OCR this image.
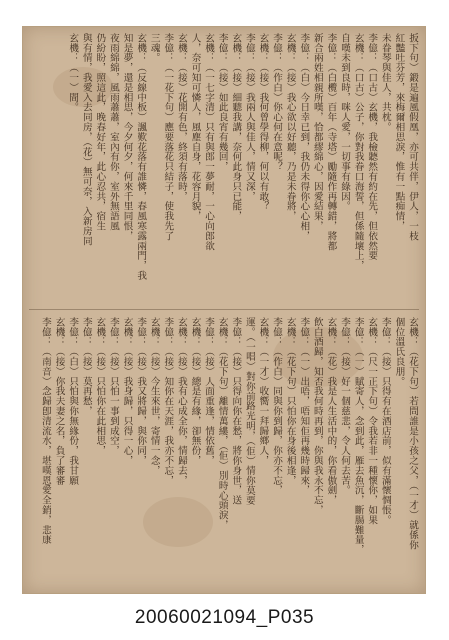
扳下句）鍛是遍風假凰，亦可共伴，伊人，一枝
紅豔吐芬芳，來梅爾相思淚，惟有一點痴情，
未眷琴與佳人，共枕。
李億：（口古）玄機，我檢聽然有約在先，但依然要
玄機：（口古）公子，你對我眷口海誓，但係隨壞上，
自嘆未到良時，咪人愛，一切事有綠因。
李億：（白欖）百年（寺塔）勵隨作再轉錯，將都
新合兩姓相親所嘆，恰都繆綿心，因愛結果，
李億：（白）今日幸已到，我仍未得你心心相，
玄機：（接）我心欲以好聽，乃是未眷將，
李億：（作白）你心何在意呢？
玄機：（接）我何曾學得柳，何以有敢？
李億：（接）我兩人與佳人，情又深，
玄機：（接）細聽我講，奈何此身只已能，
李億：（接）如此良宵有幾回，
玄機：（一七字清）只有與郎一夢耐，一心向郎欲
人，奈可知可憐人，風塵自身，花容月貌，
玄機：（接）花開有色，終須有落時，
李億：（一花下句）應要落花只結子，使我先了
三魂。
玄機：（反線中板）諷歎花落有誰憐，春風寒露兩門，我
知是夢，還是相思，今夕何夕，何來千里同恨，
夜雨綿綿，風雨蕭蕭，室內有你，室外無語風
仍紛盼，照這此，晚春好年，此心忍共，宿生
與有情，我愛入去同房，（花）無可奈，入新房同
玄機：（一）間。
玄機：（花下句）若問誰是小孩之父，（一才）就係你
個位溫氏良朋。
李億：（接）只得有在酒店前，似有滿懷惆悵。
玄機：（尺一正下句）令我若非一種懷你，如果
李億：（一）賦寄人，念到此，雁去魚沉，斷腸難量，
李億：（接）好一個慈悲，令人何去苦。
玄機：（花）我是人生活中的，你看傲劍，
飲白酒歸，知否我何時再到，你與我永不忘，
李億：（一）出唔，唔知佢再幾時歸來，
玄機：（花下句）只怕你在身後相逢，
李億：（作白）同與你到歸，你亦不忘，
玄機：（一才）收嚮一拜歸鄉人，
運。（一唱）對你前路光明，（佢）情你莫要
李億：（接）只得向你在愁，將你身世，送
玄機：（花下句）離情萬縷，（佢）別時心頭淚，
李億：（接）人面重逢，情依舊，
玄機：（接）總是有緣，卻無份，
玄機：（接）我有心成全你，情歸去，
李億：（接）知你在天涯，我亦不忘，
玄機：（接）今生來世，寄情一念，
李億：（接）我又將歸，與你同，
玄機：（接）我身歸，只得一心，
李億：（接）只怕一事到成空，
玄機：（接）只怕你在此相思，
李億：（接）莫再愁，
李億：（白）只怕與你無緣份，我甘願
玄機：（接）你我夫妻之名，負了審審
李億：（南音）念歸卽清流水，堪嘆恩愛全銷，悲康
20060021094_P035
